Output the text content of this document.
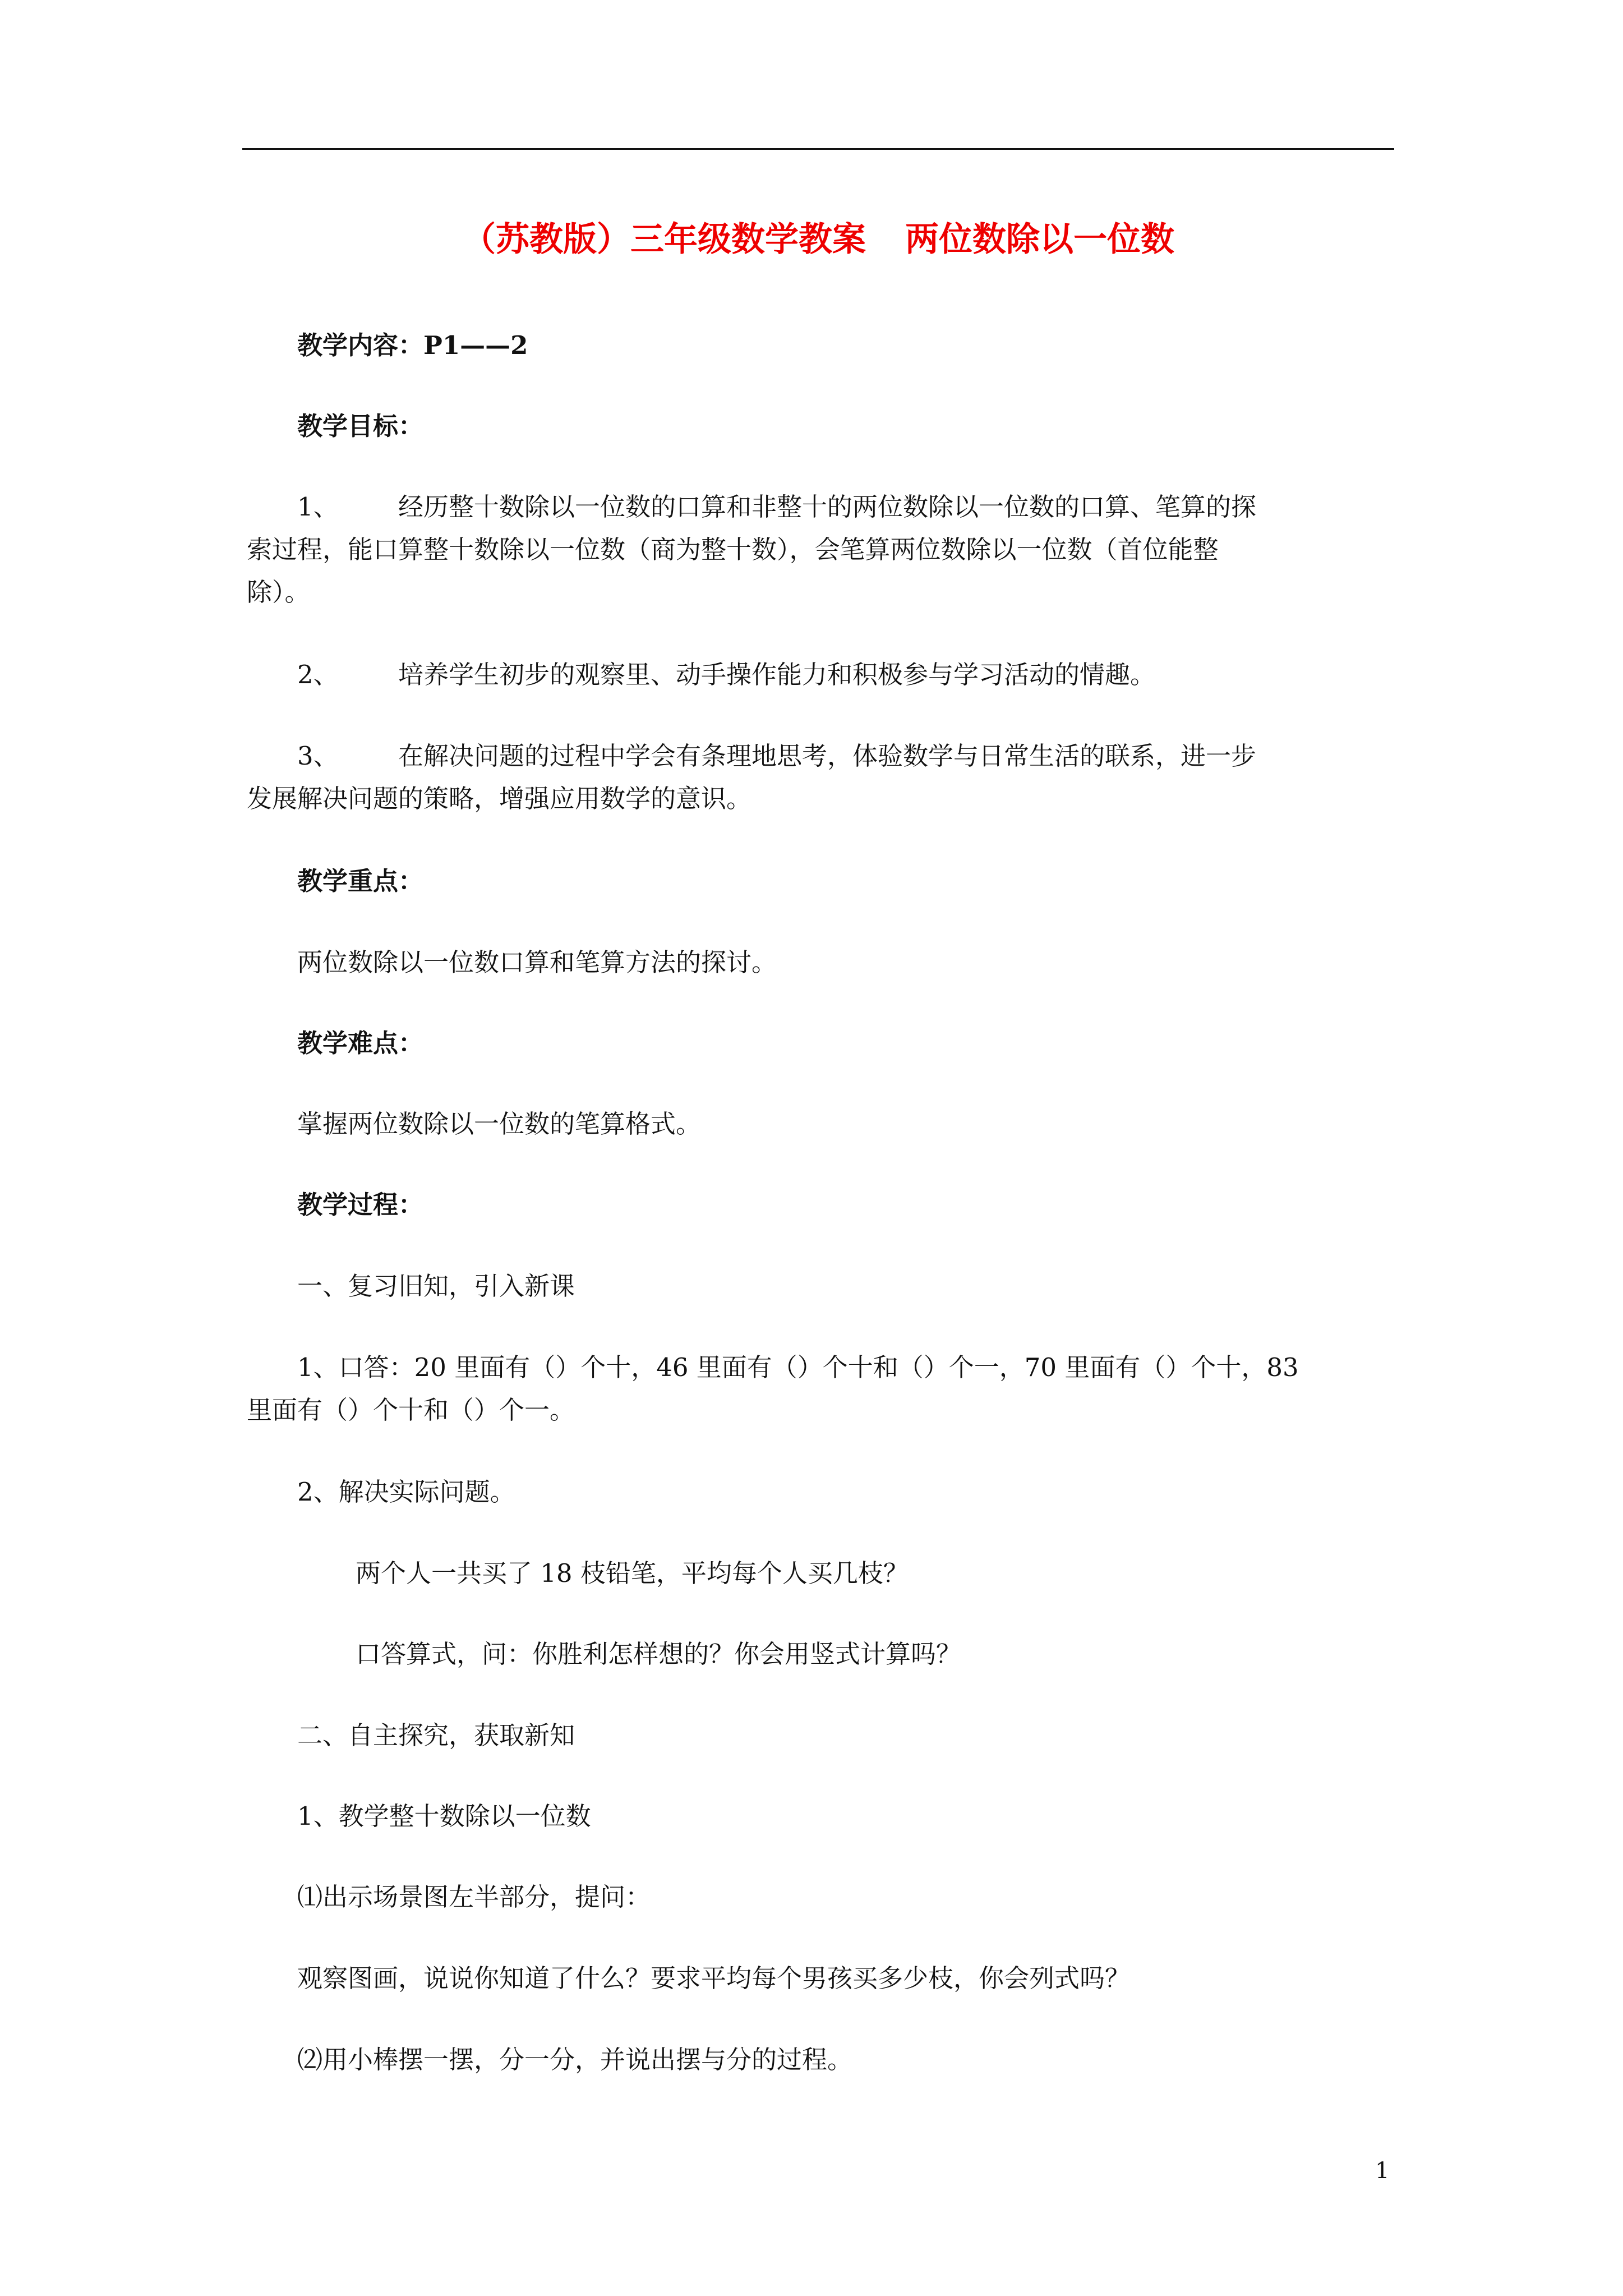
（苏教版）三年级数学教案 两位数除以一位数
教学内容：P1——2
教学目标：
1、 经历整十数除以一位数的口算和非整十的两位数除以一位数的口算、笔算的探
索过程，能口算整十数除以一位数（商为整十数），会笔算两位数除以一位数（首位能整
除）。
2、 培养学生初步的观察里、动手操作能力和积极参与学习活动的情趣。
3、 在解决问题的过程中学会有条理地思考，体验数学与日常生活的联系，进一步
发展解决问题的策略，增强应用数学的意识。
教学重点：
两位数除以一位数口算和笔算方法的探讨。
教学难点：
掌握两位数除以一位数的笔算格式。
教学过程：
一、复习旧知，引入新课
1、口答：20 里面有（）个十，46 里面有（）个十和（）个一，70 里面有（）个十，83
里面有（）个十和（）个一。
2、解决实际问题。
两个人一共买了 18 枝铅笔，平均每个人买几枝？
口答算式，问：你胜利怎样想的？你会用竖式计算吗？
二、自主探究，获取新知
1、教学整十数除以一位数
⑴出示场景图左半部分，提问：
观察图画，说说你知道了什么？要求平均每个男孩买多少枝，你会列式吗？
⑵用小棒摆一摆，分一分，并说出摆与分的过程。
1
